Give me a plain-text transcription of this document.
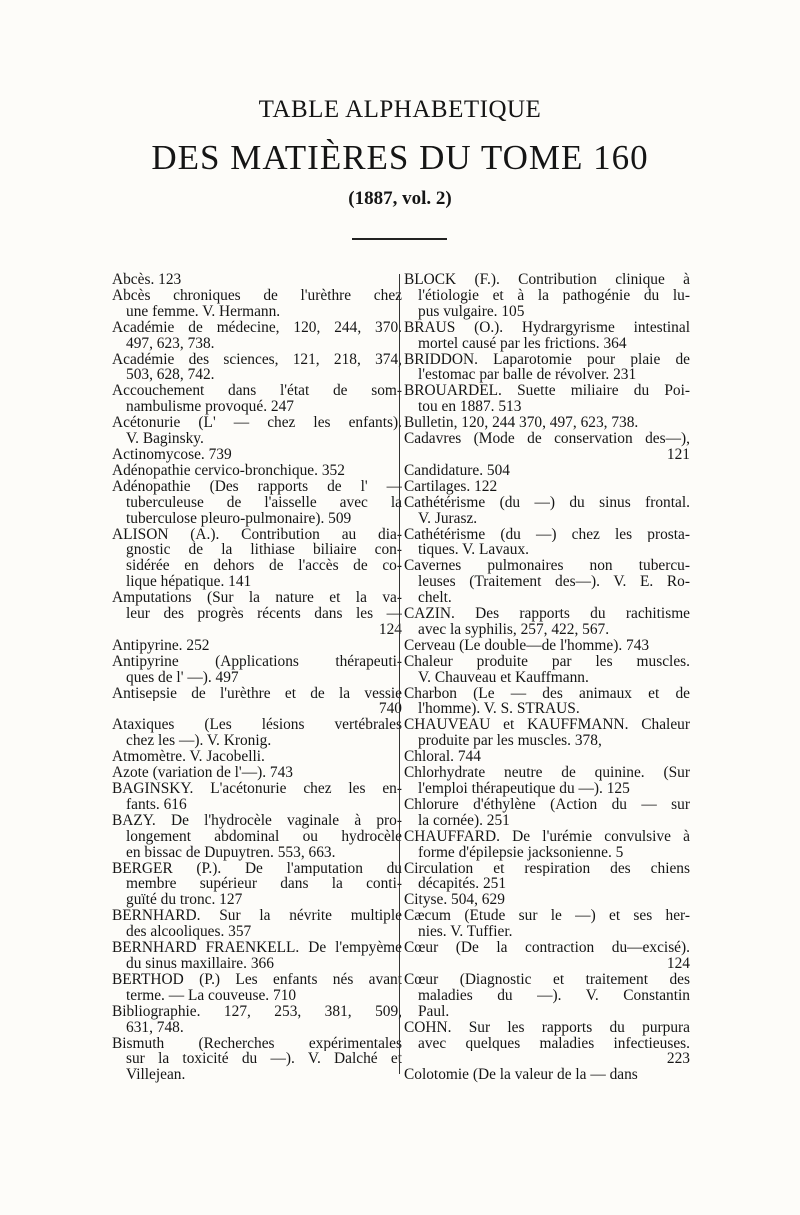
TABLE ALPHABETIQUE
DES MATIÈRES DU TOME 160
(1887, vol. 2)
Abcès. 123
Abcès chroniques de l'urèthre chez
une femme. V. Hermann.
Académie de médecine, 120, 244, 370.
497, 623, 738.
Académie des sciences, 121, 218, 374,
503, 628, 742.
Accouchement dans l'état de som-
nambulisme provoqué. 247
Acétonurie (L' — chez les enfants).
V. Baginsky.
Actinomycose. 739
Adénopathie cervico-bronchique. 352
Adénopathie (Des rapports de l' —
tuberculeuse de l'aisselle avec la
tuberculose pleuro-pulmonaire). 509
ALISON (A.). Contribution au dia-
gnostic de la lithiase biliaire con-
sidérée en dehors de l'accès de co-
lique hépatique. 141
Amputations (Sur la nature et la va-
leur des progrès récents dans les —
124
Antipyrine. 252
Antipyrine (Applications thérapeuti-
ques de l' —). 497
Antisepsie de l'urèthre et de la vessie
740
Ataxiques (Les lésions vertébrales
chez les —). V. Kronig.
Atmomètre. V. Jacobelli.
Azote (variation de l'—). 743
BAGINSKY. L'acétonurie chez les en-
fants. 616
BAZY. De l'hydrocèle vaginale à pro-
longement abdominal ou hydrocèle
en bissac de Dupuytren. 553, 663.
BERGER (P.). De l'amputation du
membre supérieur dans la conti-
guïté du tronc. 127
BERNHARD. Sur la névrite multiple
des alcooliques. 357
BERNHARD FRAENKELL. De l'empyème
du sinus maxillaire. 366
BERTHOD (P.) Les enfants nés avant
terme. — La couveuse. 710
Bibliographie. 127, 253, 381, 509,
631, 748.
Bismuth (Recherches expérimentales
sur la toxicité du —). V. Dalché et
Villejean.
BLOCK (F.). Contribution clinique à
l'étiologie et à la pathogénie du lu-
pus vulgaire. 105
BRAUS (O.). Hydrargyrisme intestinal
mortel causé par les frictions. 364
BRIDDON. Laparotomie pour plaie de
l'estomac par balle de révolver. 231
BROUARDEL. Suette miliaire du Poi-
tou en 1887. 513
Bulletin, 120, 244 370, 497, 623, 738.
Cadavres (Mode de conservation des—),
121
Candidature. 504
Cartilages. 122
Cathétérisme (du —) du sinus frontal.
V. Jurasz.
Cathétérisme (du —) chez les prosta-
tiques. V. Lavaux.
Cavernes pulmonaires non tubercu-
leuses (Traitement des—). V. E. Ro-
chelt.
CAZIN. Des rapports du rachitisme
avec la syphilis, 257, 422, 567.
Cerveau (Le double—de l'homme). 743
Chaleur produite par les muscles.
V. Chauveau et Kauffmann.
Charbon (Le — des animaux et de
l'homme). V. S. STRAUS.
CHAUVEAU et KAUFFMANN. Chaleur
produite par les muscles. 378,
Chloral. 744
Chlorhydrate neutre de quinine. (Sur
l'emploi thérapeutique du —). 125
Chlorure d'éthylène (Action du — sur
la cornée). 251
CHAUFFARD. De l'urémie convulsive à
forme d'épilepsie jacksonienne. 5
Circulation et respiration des chiens
décapités. 251
Cityse. 504, 629
Cæcum (Etude sur le —) et ses her-
nies. V. Tuffier.
Cœur (De la contraction du—excisé).
124
Cœur (Diagnostic et traitement des
maladies du —). V. Constantin
Paul.
COHN. Sur les rapports du purpura
avec quelques maladies infectieuses.
223
Colotomie (De la valeur de la — dans
